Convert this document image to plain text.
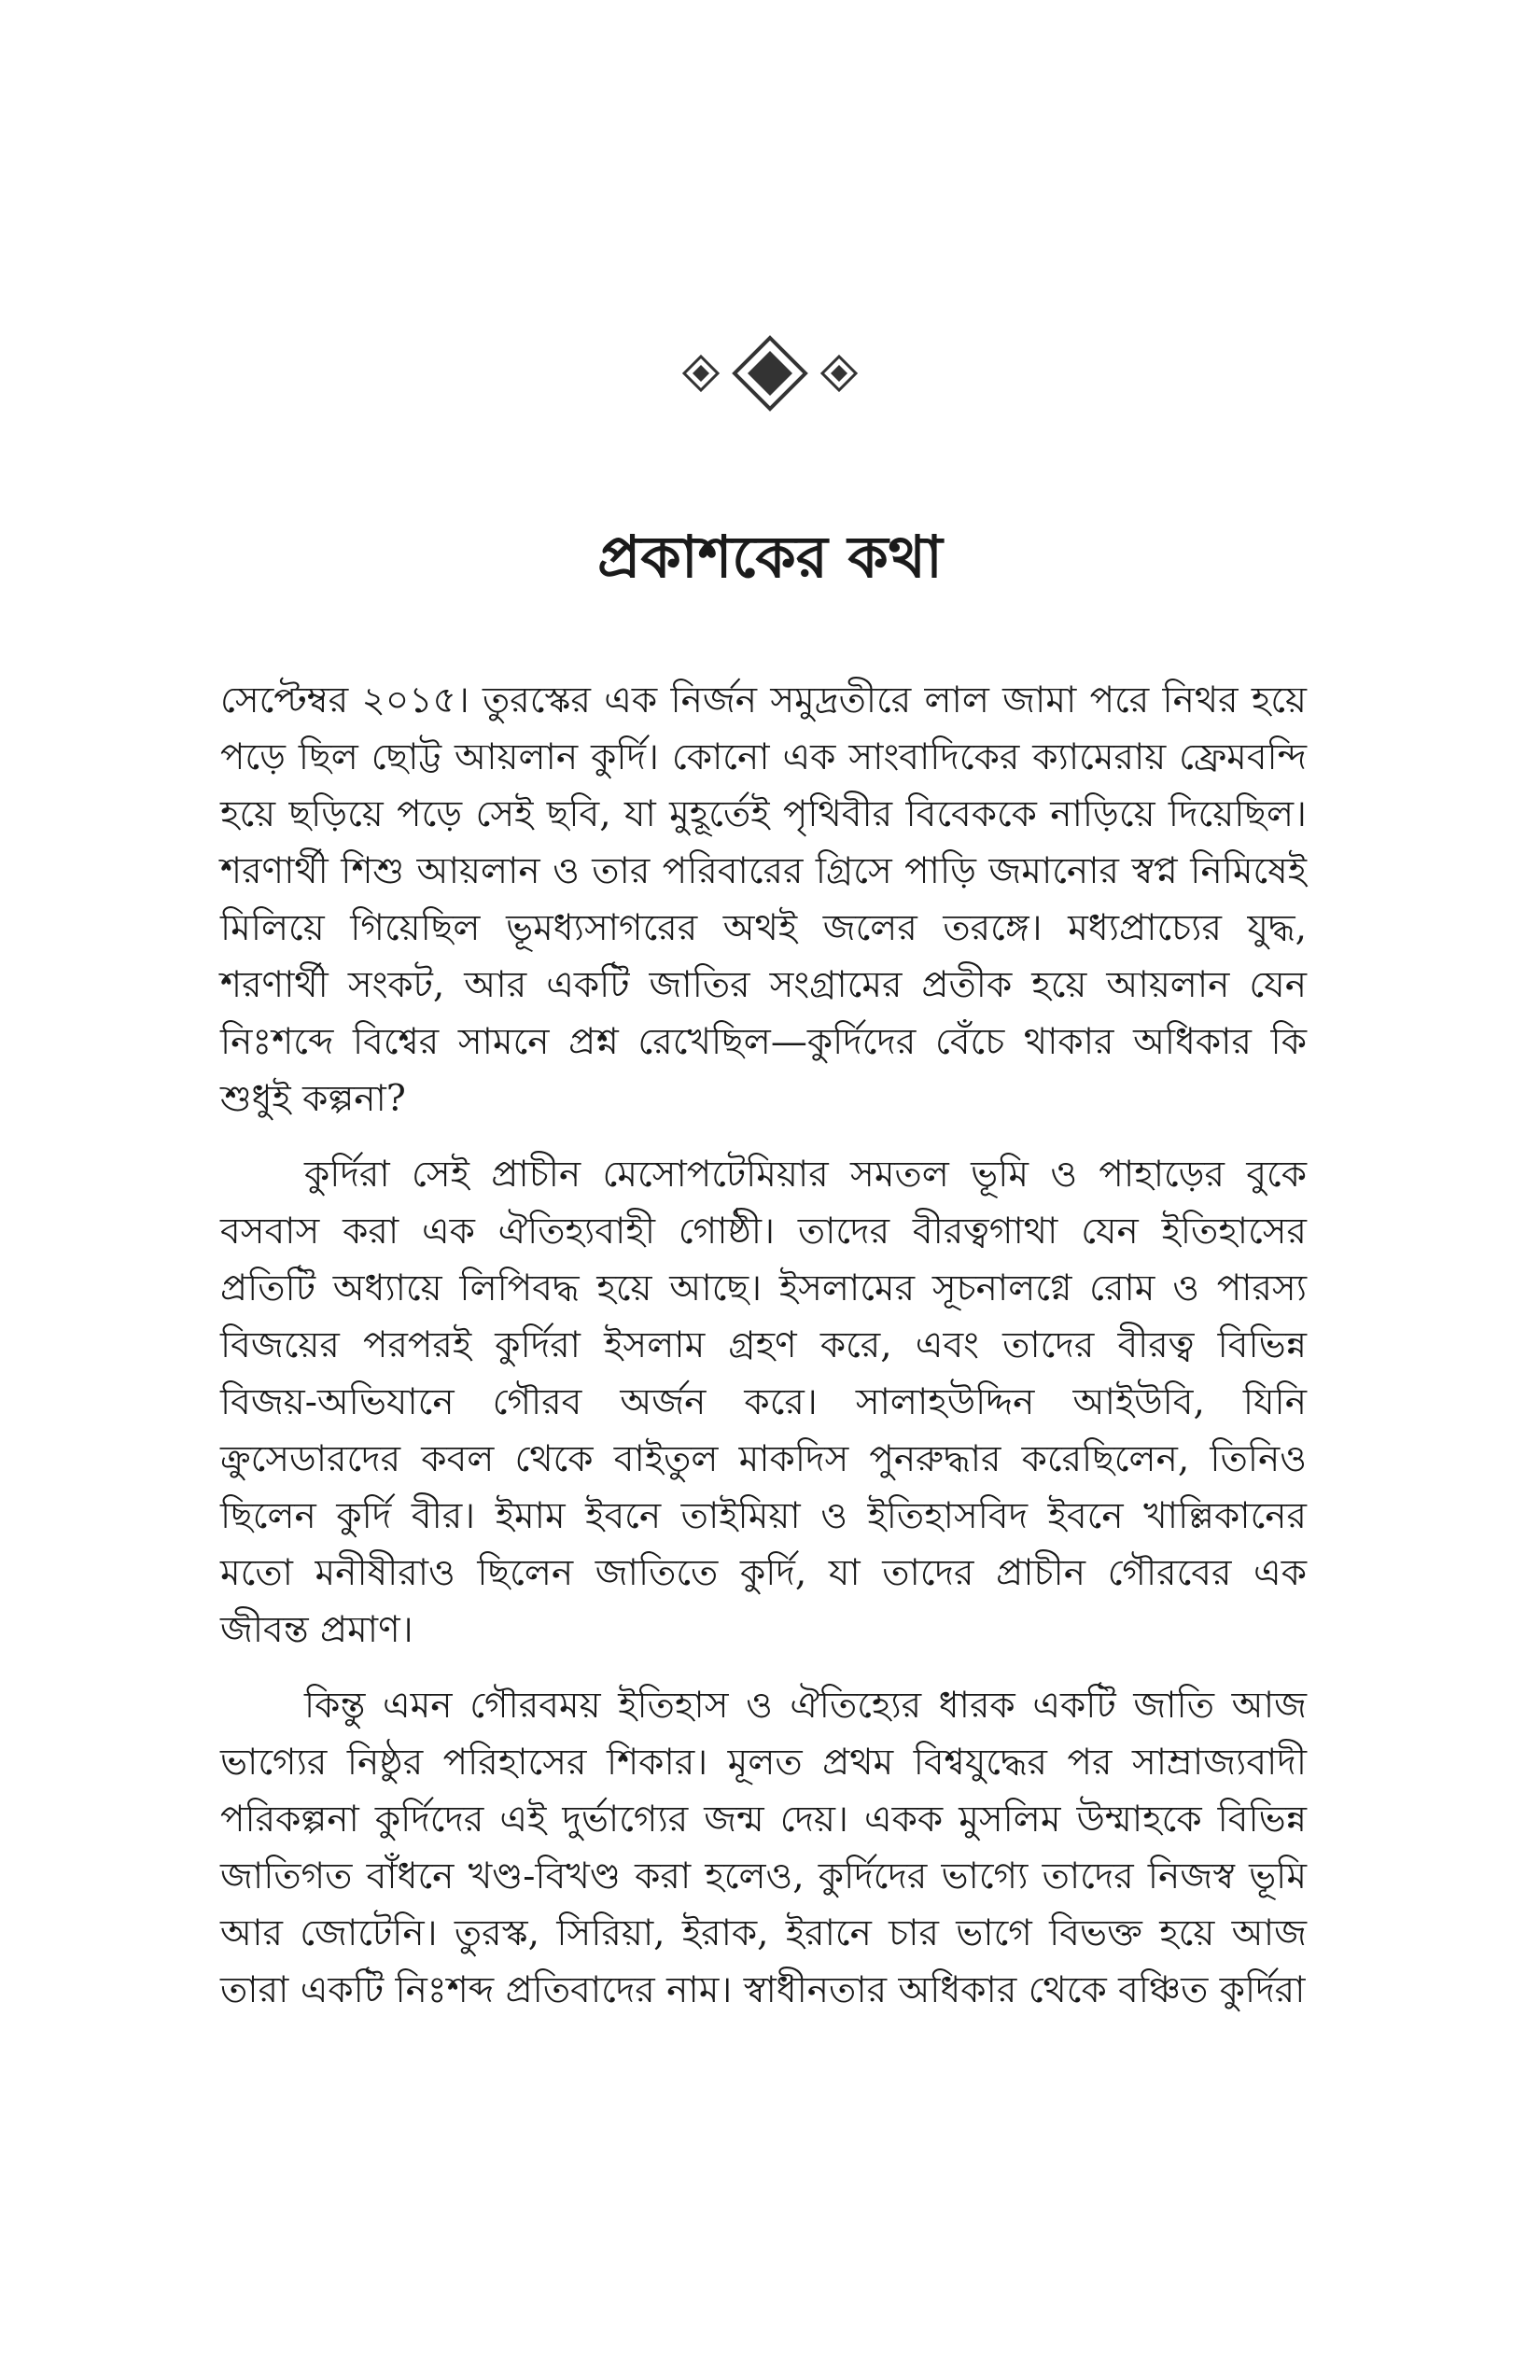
প্রকাশকের কথা

সেপ্টেম্বর ২০১৫। তুরস্কের এক নির্জন সমুদ্রতীরে লাল জামা পরে নিথর হয়ে পড়ে ছিল ছোট্ট আয়লান কুর্দি। কোনো এক সাংবাদিকের ক্যামেরায় ফ্রেমবন্দি হয়ে ছড়িয়ে পড়ে সেই ছবি, যা মুহূর্তেই পৃথিবীর বিবেককে নাড়িয়ে দিয়েছিল। শরণার্থী শিশু আয়লান ও তার পরিবারের গ্রিসে পাড়ি জমানোর স্বপ্ন নিমিষেই মিলিয়ে গিয়েছিল ভূমধ্যসাগরের অথই জলের তরঙ্গে। মধ্যপ্রাচ্যের যুদ্ধ, শরণার্থী সংকট, আর একটি জাতির সংগ্রামের প্রতীক হয়ে আয়লান যেন নিঃশব্দে বিশ্বের সামনে প্রশ্ন রেখেছিল—কুর্দিদের বেঁচে থাকার অধিকার কি শুধুই কল্পনা?

কুর্দিরা সেই প্রাচীন মেসোপটেমিয়ার সমতল ভূমি ও পাহাড়ের বুকে বসবাস করা এক ঐতিহ্যবাহী গোষ্ঠী। তাদের বীরত্বগাথা যেন ইতিহাসের প্রতিটি অধ্যায়ে লিপিবদ্ধ হয়ে আছে। ইসলামের সূচনালগ্নে রোম ও পারস্য বিজয়ের পরপরই কুর্দিরা ইসলাম গ্রহণ করে, এবং তাদের বীরত্ব বিভিন্ন বিজয়-অভিযানে গৌরব অর্জন করে। সালাহউদ্দিন আইউবি, যিনি ক্রুসেডারদের কবল থেকে বাইতুল মাকদিস পুনরুদ্ধার করেছিলেন, তিনিও ছিলেন কুর্দি বীর। ইমাম ইবনে তাইমিয়া ও ইতিহাসবিদ ইবনে খাল্লিকানের মতো মনীষীরাও ছিলেন জাতিতে কুর্দি, যা তাদের প্রাচীন গৌরবের এক জীবন্ত প্রমাণ।

কিন্তু এমন গৌরবময় ইতিহাস ও ঐতিহ্যের ধারক একটি জাতি আজ ভাগ্যের নিষ্ঠুর পরিহাসের শিকার। মূলত প্রথম বিশ্বযুদ্ধের পর সাম্রাজ্যবাদী পরিকল্পনা কুর্দিদের এই দুর্ভাগ্যের জন্ম দেয়। একক মুসলিম উম্মাহকে বিভিন্ন জাতিগত বাঁধনে খণ্ড-বিখণ্ড করা হলেও, কুর্দিদের ভাগ্যে তাদের নিজস্ব ভূমি আর জোটেনি। তুরস্ক, সিরিয়া, ইরাক, ইরানে চার ভাগে বিভক্ত হয়ে আজ তারা একটি নিঃশব্দ প্রতিবাদের নাম। স্বাধীনতার অধিকার থেকে বঞ্চিত কুর্দিরা
